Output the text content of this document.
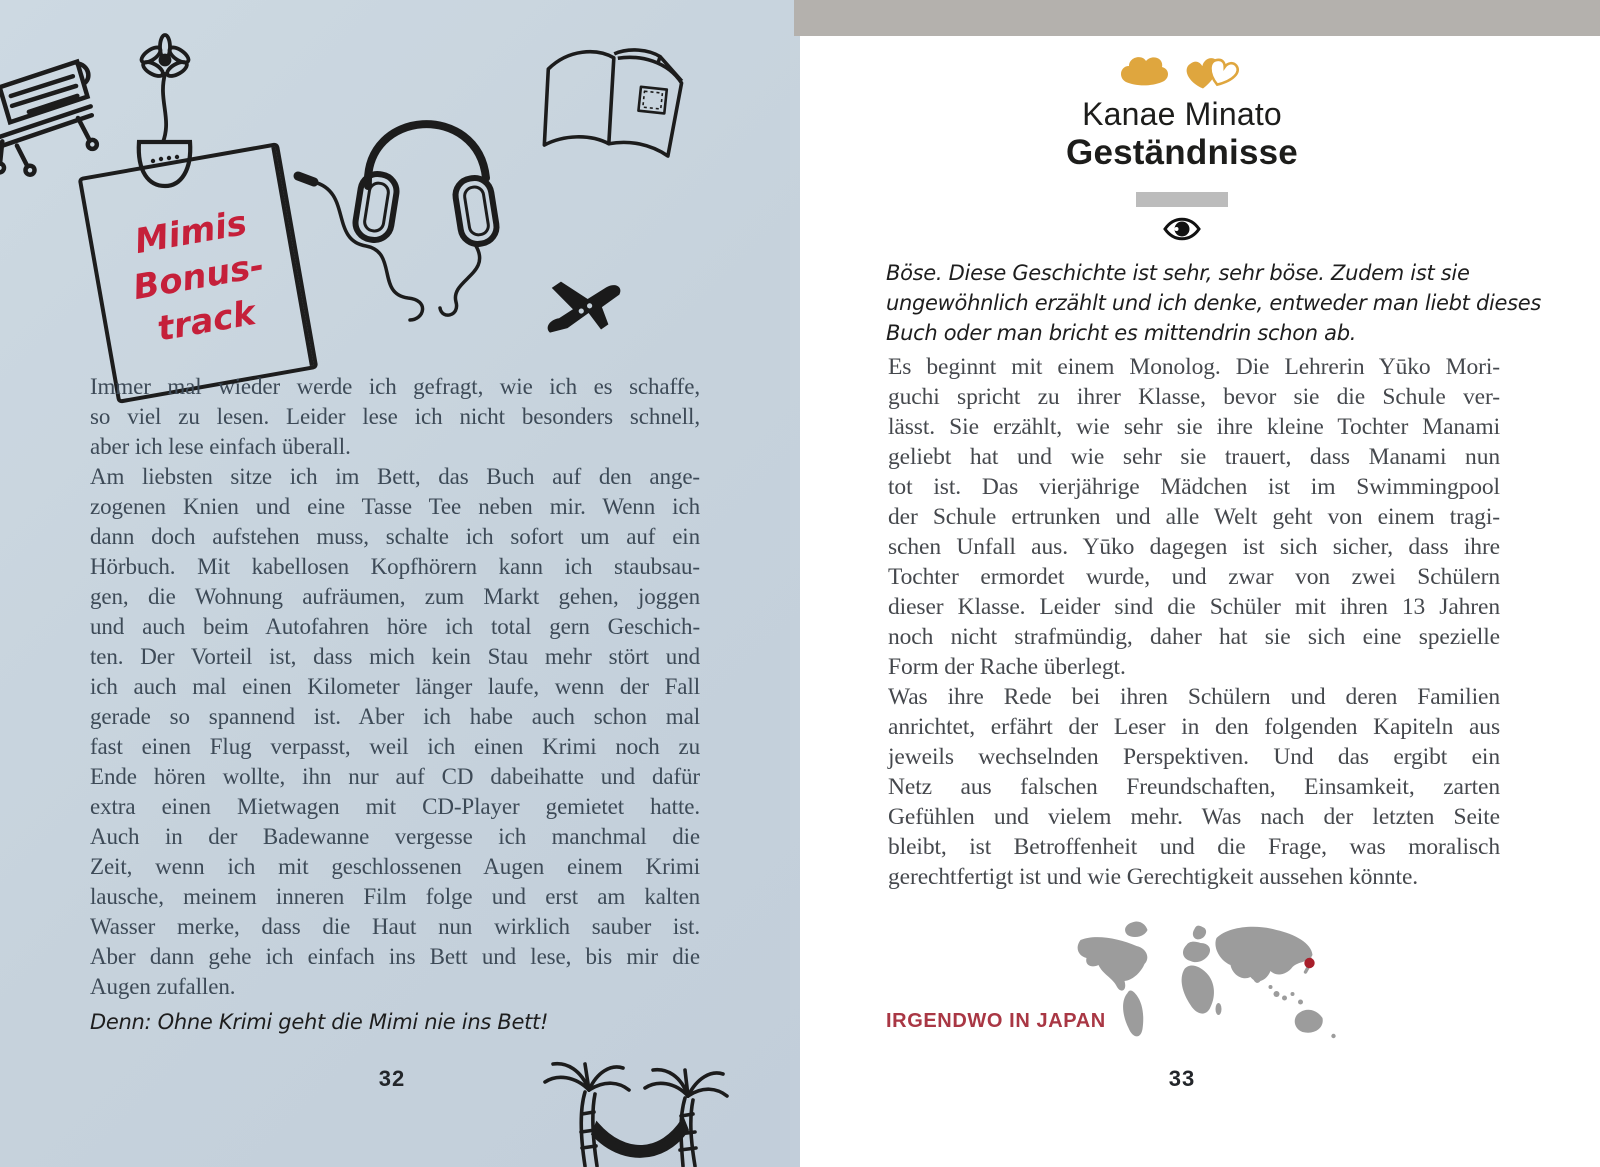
Mimis
Bonus-
track
Immer mal wieder werde ich gefragt, wie ich es schaffe,
so viel zu lesen. Leider lese ich nicht besonders schnell,
aber ich lese einfach überall.
Am liebsten sitze ich im Bett, das Buch auf den ange-
zogenen Knien und eine Tasse Tee neben mir. Wenn ich
dann doch aufstehen muss, schalte ich sofort um auf ein
Hörbuch. Mit kabellosen Kopfhörern kann ich staubsau-
gen, die Wohnung aufräumen, zum Markt gehen, joggen
und auch beim Autofahren höre ich total gern Geschich-
ten. Der Vorteil ist, dass mich kein Stau mehr stört und
ich auch mal einen Kilometer länger laufe, wenn der Fall
gerade so spannend ist. Aber ich habe auch schon mal
fast einen Flug verpasst, weil ich einen Krimi noch zu
Ende hören wollte, ihn nur auf CD dabeihatte und dafür
extra einen Mietwagen mit CD-Player gemietet hatte.
Auch in der Badewanne vergesse ich manchmal die
Zeit, wenn ich mit geschlossenen Augen einem Krimi
lausche, meinem inneren Film folge und erst am kalten
Wasser merke, dass die Haut nun wirklich sauber ist.
Aber dann gehe ich einfach ins Bett und lese, bis mir die
Augen zufallen.
Denn: Ohne Krimi geht die Mimi nie ins Bett!
32
Kanae Minato
Geständnisse
Böse. Diese Geschichte ist sehr, sehr böse. Zudem ist sie
ungewöhnlich erzählt und ich denke, entweder man liebt dieses
Buch oder man bricht es mittendrin schon ab.
Es beginnt mit einem Monolog. Die Lehrerin Yūko Mori-
guchi spricht zu ihrer Klasse, bevor sie die Schule ver-
lässt. Sie erzählt, wie sehr sie ihre kleine Tochter Manami
geliebt hat und wie sehr sie trauert, dass Manami nun
tot ist. Das vierjährige Mädchen ist im Swimmingpool
der Schule ertrunken und alle Welt geht von einem tragi-
schen Unfall aus. Yūko dagegen ist sich sicher, dass ihre
Tochter ermordet wurde, und zwar von zwei Schülern
dieser Klasse. Leider sind die Schüler mit ihren 13 Jahren
noch nicht strafmündig, daher hat sie sich eine spezielle
Form der Rache überlegt.
Was ihre Rede bei ihren Schülern und deren Familien
anrichtet, erfährt der Leser in den folgenden Kapiteln aus
jeweils wechselnden Perspektiven. Und das ergibt ein
Netz aus falschen Freundschaften, Einsamkeit, zarten
Gefühlen und vielem mehr. Was nach der letzten Seite
bleibt, ist Betroffenheit und die Frage, was moralisch
gerechtfertigt ist und wie Gerechtigkeit aussehen könnte.
IRGENDWO IN JAPAN
33
